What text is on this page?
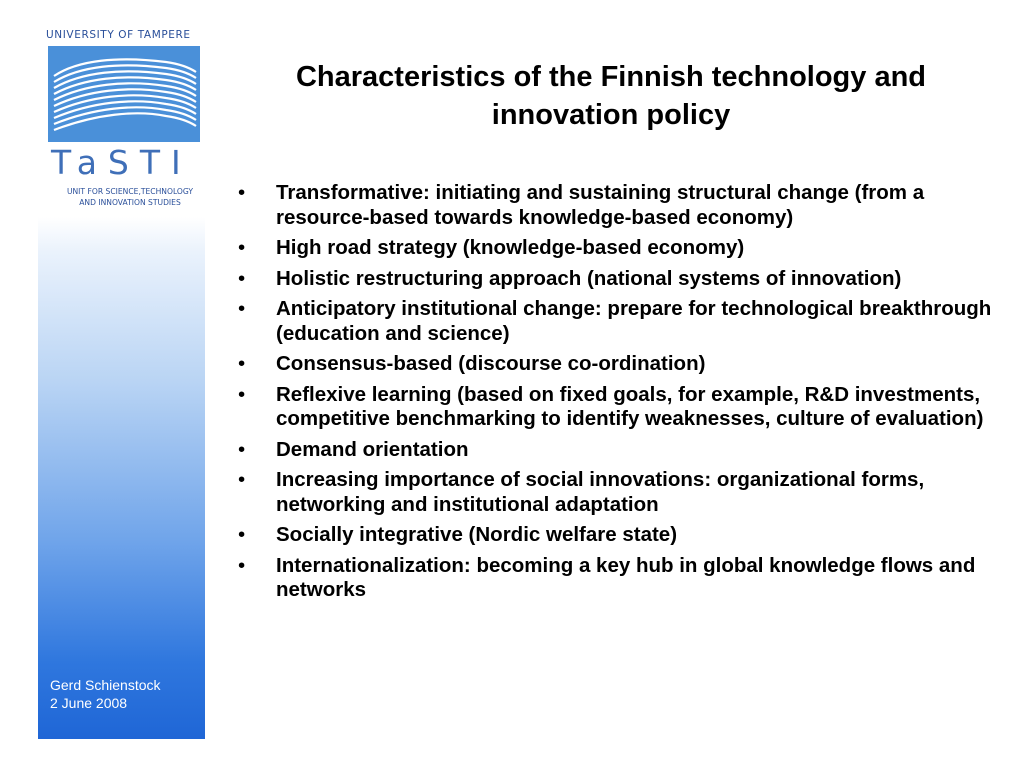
UNIVERSITY OF TAMPERE
TaSTI
UNIT FOR SCIENCE,TECHNOLOGY
AND INNOVATION STUDIES
Gerd Schienstock
2 June 2008
Characteristics of the Finnish technology and
innovation policy
• Transformative: initiating and sustaining structural change (from a resource-based towards knowledge-based economy)
• High road strategy (knowledge-based economy)
• Holistic restructuring approach (national systems of innovation)
• Anticipatory institutional change: prepare for technological breakthrough (education and science)
• Consensus-based (discourse co-ordination)
• Reflexive learning (based on fixed goals, for example, R&D investments, competitive benchmarking to identify weaknesses, culture of evaluation)
• Demand orientation
• Increasing importance of social innovations: organizational forms, networking and institutional adaptation
• Socially integrative (Nordic welfare state)
• Internationalization: becoming a key hub in global knowledge flows and networks
